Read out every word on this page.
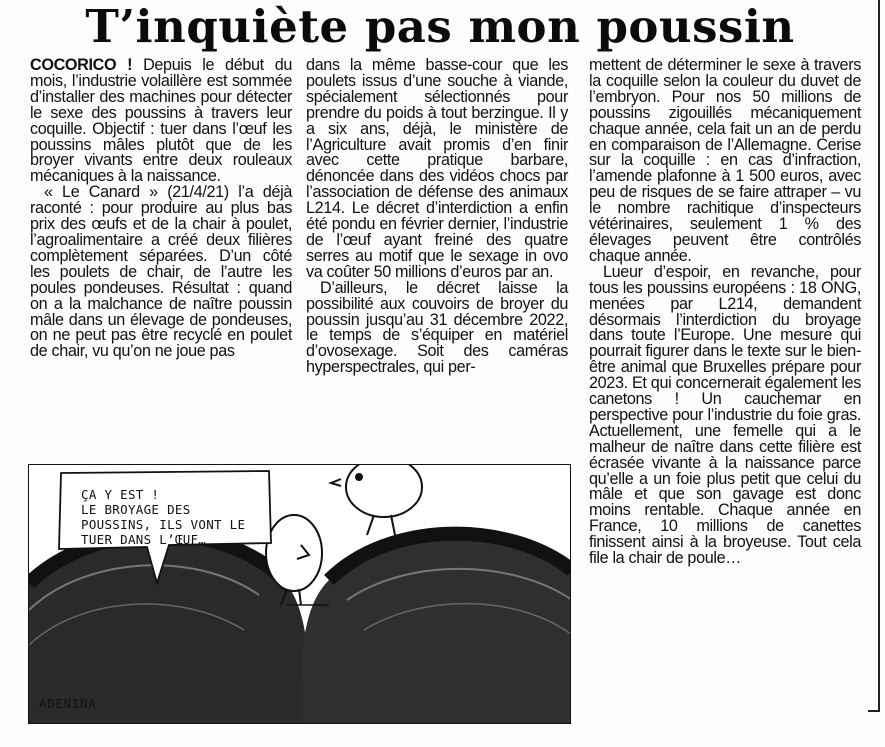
T’inquiète pas mon poussin

COCORICO ! Depuis le début du mois, l’industrie volaillère est sommée d’installer des machines pour détecter le sexe des poussins à travers leur coquille. Objectif : tuer dans l’œuf les poussins mâles plutôt que de les broyer vivants entre deux rouleaux mécaniques à la naissance.

« Le Canard » (21/4/21) l’a déjà raconté : pour produire au plus bas prix des œufs et de la chair à poulet, l’agroalimentaire a créé deux filières complètement séparées. D’un côté les poulets de chair, de l’autre les poules pondeuses. Résultat : quand on a la malchance de naître poussin mâle dans un élevage de pondeuses, on ne peut pas être recyclé en poulet de chair, vu qu’on ne joue pas

dans la même basse-cour que les poulets issus d’une souche à viande, spécialement sélectionnés pour prendre du poids à tout berzingue. Il y a six ans, déjà, le ministère de l’Agriculture avait promis d’en finir avec cette pratique barbare, dénoncée dans des vidéos chocs par l’association de défense des animaux L214. Le décret d’interdiction a enfin été pondu en février dernier, l’industrie de l’œuf ayant freiné des quatre serres au motif que le sexage in ovo va coûter 50 millions d’euros par an.

D’ailleurs, le décret laisse la possibilité aux couvoirs de broyer du poussin jusqu’au 31 décembre 2022, le temps de s’équiper en matériel d’ovosexage. Soit des caméras hyperspectrales, qui per-

mettent de déterminer le sexe à travers la coquille selon la couleur du duvet de l’embryon. Pour nos 50 millions de poussins zigouillés mécaniquement chaque année, cela fait un an de perdu en comparaison de l’Allemagne. Cerise sur la coquille : en cas d’infraction, l’amende plafonne à 1 500 euros, avec peu de risques de se faire attraper – vu le nombre rachitique d’inspecteurs vétérinaires, seulement 1 % des élevages peuvent être contrôlés chaque année.

Lueur d’espoir, en revanche, pour tous les poussins européens : 18 ONG, menées par L214, demandent désormais l’interdiction du broyage dans toute l’Europe. Une mesure qui pourrait figurer dans le texte sur le bien-être animal que Bruxelles prépare pour 2023. Et qui concernerait également les canetons ! Un cauchemar en perspective pour l’industrie du foie gras. Actuellement, une femelle qui a le malheur de naître dans cette filière est écrasée vivante à la naissance parce qu’elle a un foie plus petit que celui du mâle et que son gavage est donc moins rentable. Chaque année en France, 10 millions de canettes finissent ainsi à la broyeuse. Tout cela file la chair de poule…

ÇA Y EST !
LE BROYAGE DES
POUSSINS, ILS VONT LE
TUER DANS L’ŒUF…
ADENINA
